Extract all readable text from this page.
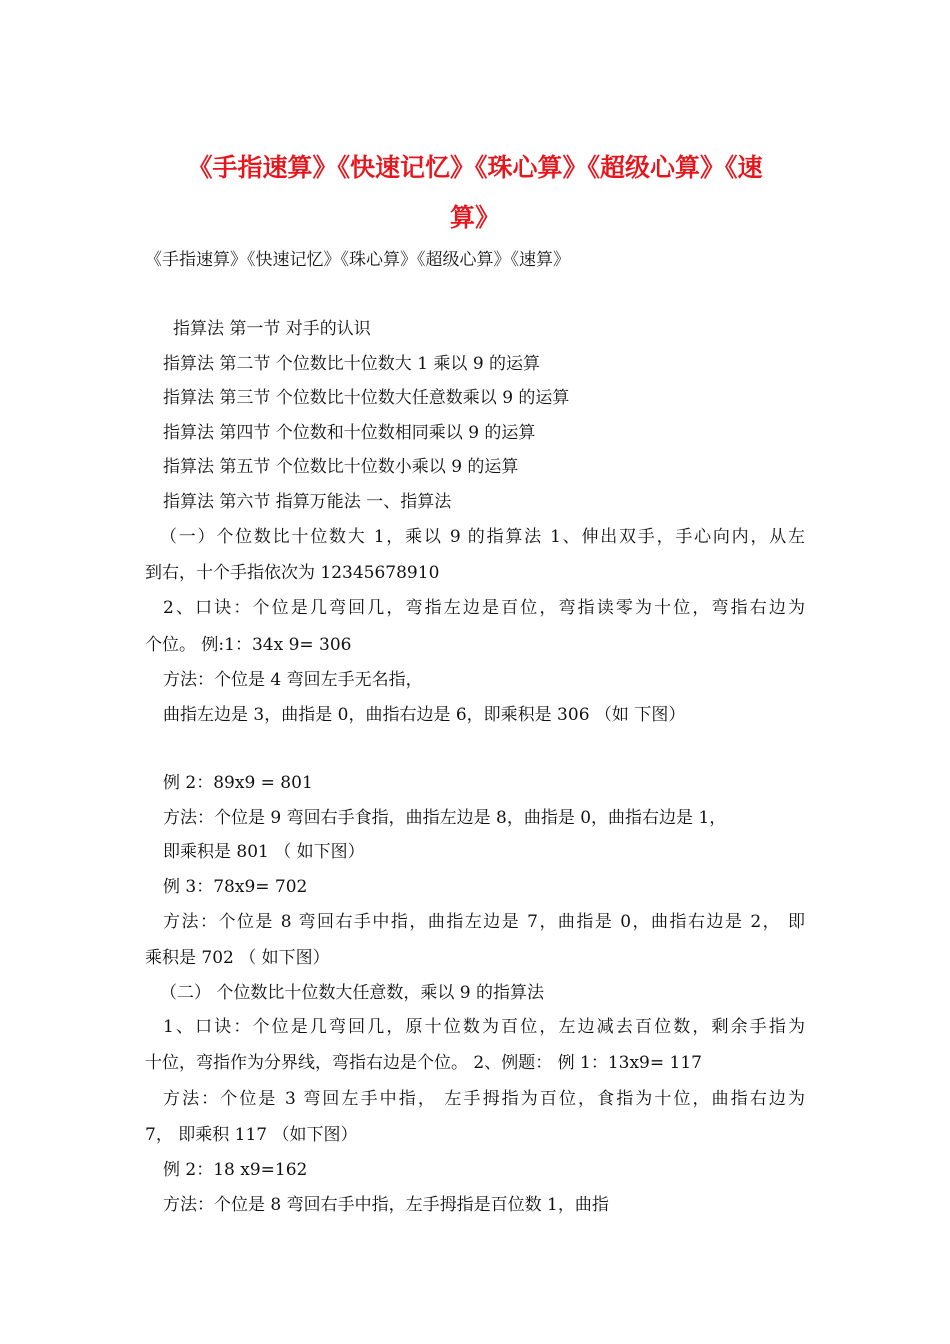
《手指速算》《快速记忆》《珠心算》《超级心算》《速
算》
《手指速算》《快速记忆》《珠心算》《超级心算》《速算》
指算法 第一节 对手的认识
指算法 第二节 个位数比十位数大 1 乘以 9 的运算
指算法 第三节 个位数比十位数大任意数乘以 9 的运算
指算法 第四节 个位数和十位数相同乘以 9 的运算
指算法 第五节 个位数比十位数小乘以 9 的运算
指算法 第六节 指算万能法 一、指算法
（一）个位数比十位数大 1，乘以 9 的指算法 1、伸出双手，手心向内，从左
到右，十个手指依次为 12345678910
2、口诀：个位是几弯回几，弯指左边是百位，弯指读零为十位，弯指右边为
个位。 例:1：34x 9= 306
方法：个位是 4 弯回左手无名指，
曲指左边是 3，曲指是 0，曲指右边是 6，即乘积是 306 （如 下图）
例 2：89x9 = 801
方法：个位是 9 弯回右手食指，曲指左边是 8，曲指是 0，曲指右边是 1，
即乘积是 801 （ 如下图）
例 3：78x9= 702
方法：个位是 8 弯回右手中指，曲指左边是 7，曲指是 0，曲指右边是 2， 即
乘积是 702 （ 如下图）
（二） 个位数比十位数大任意数，乘以 9 的指算法
1、口诀：个位是几弯回几，原十位数为百位，左边减去百位数，剩余手指为
十位，弯指作为分界线，弯指右边是个位。 2、例题： 例 1：13x9= 117
方法：个位是 3 弯回左手中指， 左手拇指为百位，食指为十位，曲指右边为
7， 即乘积 117 （如下图）
例 2：18 x9=162
方法：个位是 8 弯回右手中指，左手拇指是百位数 1，曲指
